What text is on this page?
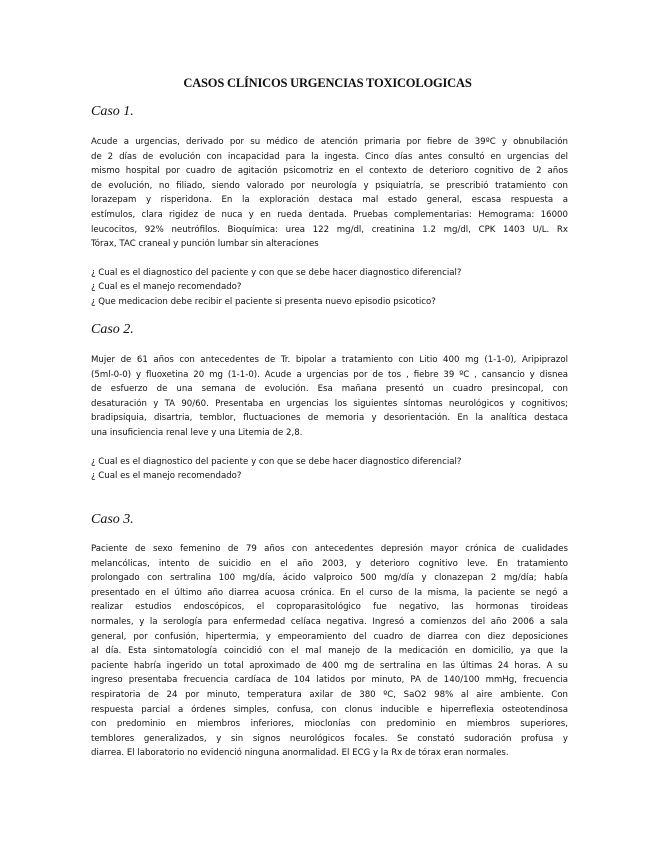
CASOS CLÍNICOS URGENCIAS TOXICOLOGICAS
Caso 1.
Acude a urgencias, derivado por su médico de atención primaria por fiebre de 39ºC y obnubilación
de 2 días de evolución con incapacidad para la ingesta. Cinco días antes consultó en urgencias del
mismo hospital por cuadro de agitación psicomotriz en el contexto de deterioro cognitivo de 2 años
de evolución, no filiado, siendo valorado por neurología y psiquiatría, se prescribió tratamiento con
lorazepam y risperidona. En la exploración destaca mal estado general, escasa respuesta a
estímulos, clara rigidez de nuca y en rueda dentada. Pruebas complementarias: Hemograma: 16000
leucocitos, 92% neutrófilos. Bioquímica: urea 122 mg/dl, creatinina 1.2 mg/dl, CPK 1403 U/L. Rx
Tórax, TAC craneal y punción lumbar sin alteraciones
¿ Cual es el diagnostico del paciente y con que se debe hacer diagnostico diferencial?
¿ Cual es el manejo recomendado?
¿ Que medicacion debe recibir el paciente si presenta nuevo episodio psicotico?
Caso 2.
Mujer de 61 años con antecedentes de Tr. bipolar a tratamiento con Litio 400 mg (1-1-0), Aripiprazol
(5ml-0-0) y fluoxetina 20 mg (1-1-0). Acude a urgencias por de tos , fiebre 39 ºC , cansancio y disnea
de esfuerzo de una semana de evolución. Esa mañana presentó un cuadro presincopal, con
desaturación y TA 90/60. Presentaba en urgencias los siguientes síntomas neurológicos y cognitivos;
bradipsiquia, disartria, temblor, fluctuaciones de memoria y desorientación. En la analítica destaca
una insuficiencia renal leve y una Litemia de 2,8.
¿ Cual es el diagnostico del paciente y con que se debe hacer diagnostico diferencial?
¿ Cual es el manejo recomendado?
Caso 3.
Paciente de sexo femenino de 79 años con antecedentes depresión mayor crónica de cualidades
melancólicas, intento de suicidio en el año 2003, y deterioro cognitivo leve. En tratamiento
prolongado con sertralina 100 mg/día, ácido valproico 500 mg/día y clonazepan 2 mg/día; había
presentado en el último año diarrea acuosa crónica. En el curso de la misma, la paciente se negó a
realizar estudios endoscópicos, el coproparasitológico fue negativo, las hormonas tiroideas
normales, y la serología para enfermedad celíaca negativa. Ingresó a comienzos del año 2006 a sala
general, por confusión, hipertermia, y empeoramiento del cuadro de diarrea con diez deposiciones
al día. Esta sintomatología coincidió con el mal manejo de la medicación en domicilio, ya que la
paciente habría ingerido un total aproximado de 400 mg de sertralina en las últimas 24 horas. A su
ingreso presentaba frecuencia cardíaca de 104 latidos por minuto, PA de 140/100 mmHg, frecuencia
respiratoria de 24 por minuto, temperatura axilar de 380 ºC, SaO2 98% al aire ambiente. Con
respuesta parcial a órdenes simples, confusa, con clonus inducible e hiperreflexia osteotendinosa
con predominio en miembros inferiores, mioclonías con predominio en miembros superiores,
temblores generalizados, y sin signos neurológicos focales. Se constató sudoración profusa y
diarrea. El laboratorio no evidenció ninguna anormalidad. El ECG y la Rx de tórax eran normales.
